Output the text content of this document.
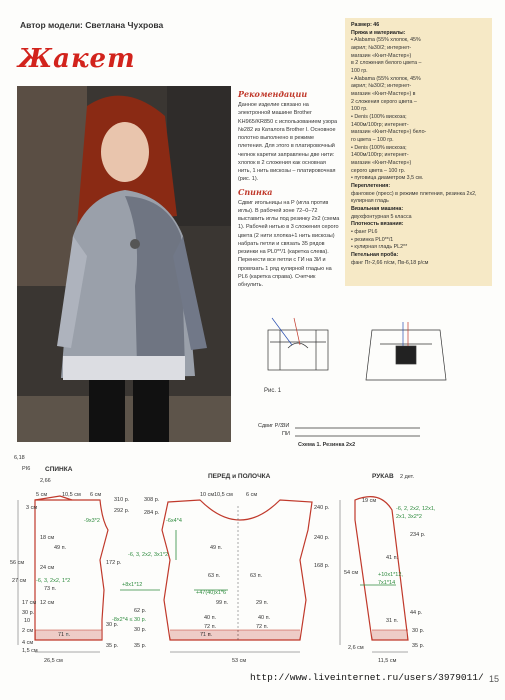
Автор модели: Светлана Чухрова
Жакет
Рекомендации
Данное изделие связано на электронной машине Brother KH965/KR850 с использованием узора №282 из Каталога Brother I. Основное полотно выполнено в режиме плетения. Для этого в платировочный челнок каретки заправлены две нити: хлопок в 2 сложения как основная нить, 1 нить вискозы – платировочная (рис. 1).
Спинка
Сдвиг игольницы на Р (игла против иглы). В рабочей зоне 72–0–72 выставить иглы под резинку 2х2 (схема 1). Рабочей нитью в 3 сложения серого цвета (2 нити хлопка+1 нить вискозы) набрать петли и связать 35 рядов резинки на PL0**/1 (каретка слева). Перенести все петли с ГИ на ЗИ и провязать 1 ряд кулирной гладью на PL6 (каретка справа). Счетчик обнулить.
Размер: 46
Пряжа и материалы:
• Alabama (55% хлопок, 45%
акрил; №30/2; интернет-
магазин «Книт-Мастер»)
в 2 сложения белого цвета –
100 гр.
• Alabama (55% хлопок, 45%
акрил; №30/2; интернет-
магазин «Книт-Мастер») в
2 сложения серого цвета –
100 гр.
• Denis (100% вискоза;
1400м/100гр; интернет-
магазин «Книт-Мастер») бело-
го цвета – 100 гр.
• Denis (100% вискоза;
1400м/100гр; интернет-
магазин «Книт-Мастер»)
серого цвета – 100 гр.
• пуговица диаметром 3,5 см.
Переплетения:
фанговое (пресс) в режиме плетения, резинка 2х2, кулирная гладь
Вязальная машина:
двухфонтурная 5 класса
Плотность вязания:
• фанг PL6
• резинка PL0**/1
• кулирная гладь PL2**
Петельная проба:
фанг Пг-2,66 п/см, Пв-6,18 р/см
Рис. 1
Сдвиг P/3 ЗИ
ПИ
Схема 1. Резинка 2х2
СПИНКА
ПЕРЕД и ПОЛОЧКА	РУКАВ 2 дет.
6,18
PI6
2,66
310 р.
292 р.
-9х3*2
18 см
49 п.
172 р.
24 см
-6, 3, 2х2, 1*2
73 п.
12 см
30 р.
71 п.
35 р.
26,5 см
27 см
5 см	10,5 см 6 см
3 см
56 см
10
17 см
4 см
2 см
30 р.
1,5 см
308 р.
284 р.
-6х4*4
10 см 10,5 см 6 см
240 р.
168 р.
-6, 3, 2х2, 3х1*2
+8х1*12
-8х2*4 ≤ 30 р.
62 р.
30 р.
35 р.
71 п.
53 см
49 п.
63 п.	63 п.
+47(40)х1*6
99 п.	29 п.
40 п.	40 п.
72 п.	72 п.
240 р.
19 см
-6, 2, 2х2, 12х1,
2х1, 3х2*2
234 р.
+10х1*12,
7х1*14
41 п.
54 см
44 р.
31 п.
35 р.
11,5 см
2,6 см
30 р.
http://www.liveinternet.ru/users/3979011/ 15
